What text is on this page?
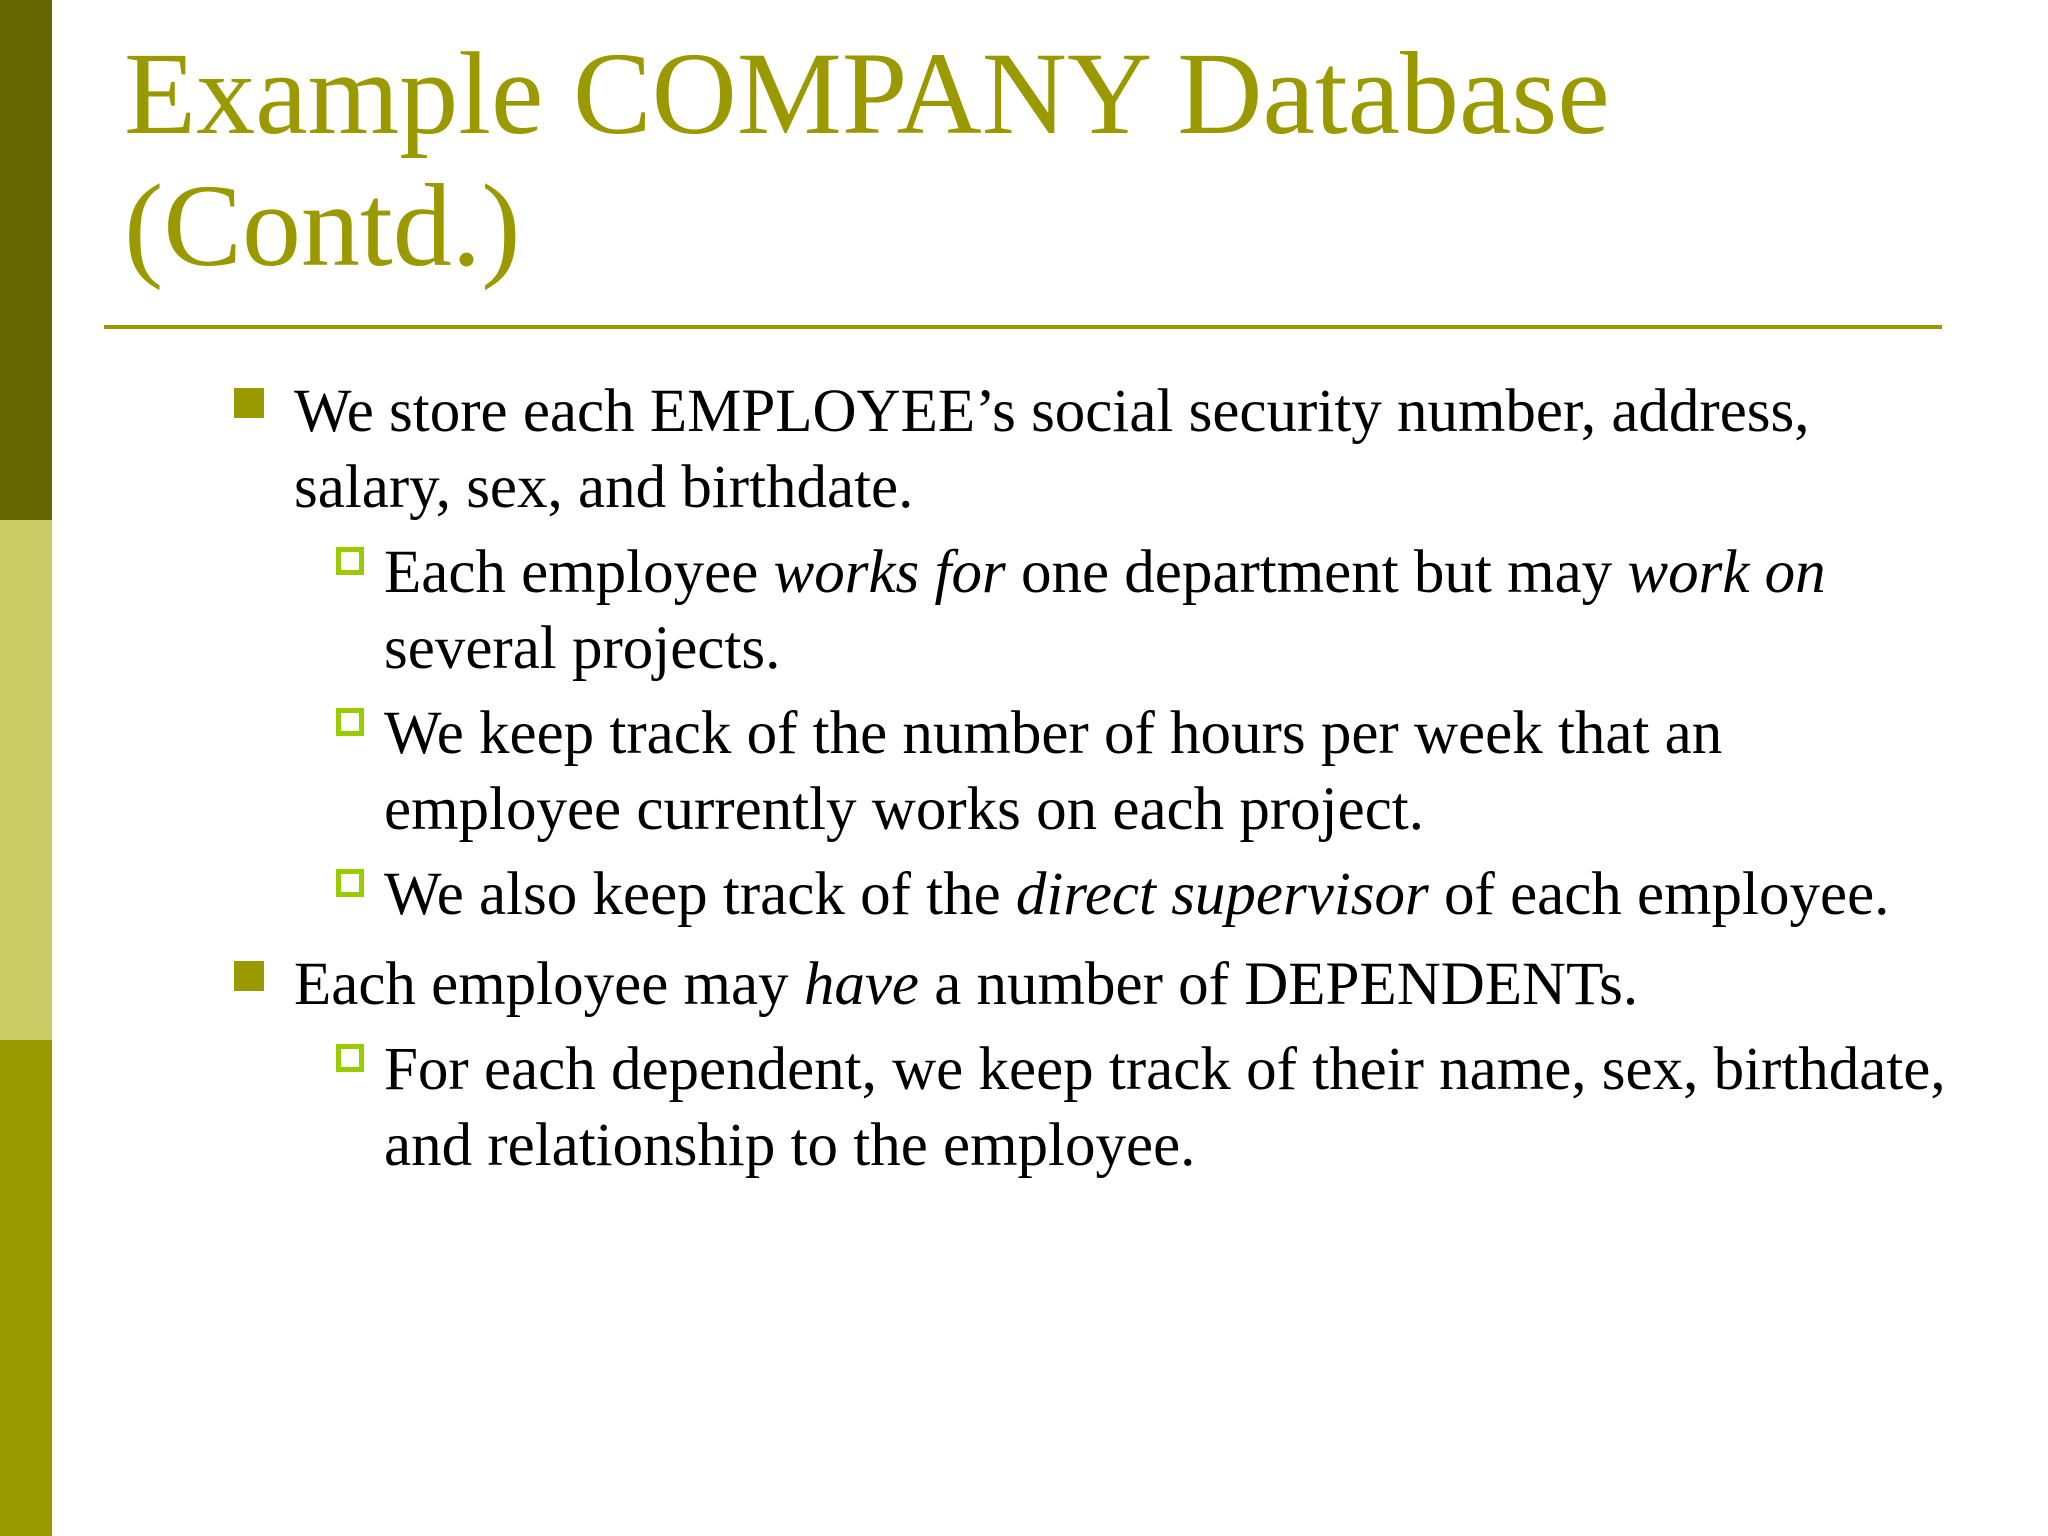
Example COMPANY Database
(Contd.)
We store each EMPLOYEE’s social security number, address, salary, sex, and birthdate.
Each employee works for one department but may work on several projects.
We keep track of the number of hours per week that an employee currently works on each project.
We also keep track of the direct supervisor of each employee.
Each employee may have a number of DEPENDENTs.
For each dependent, we keep track of their name, sex, birthdate, and relationship to the employee.
